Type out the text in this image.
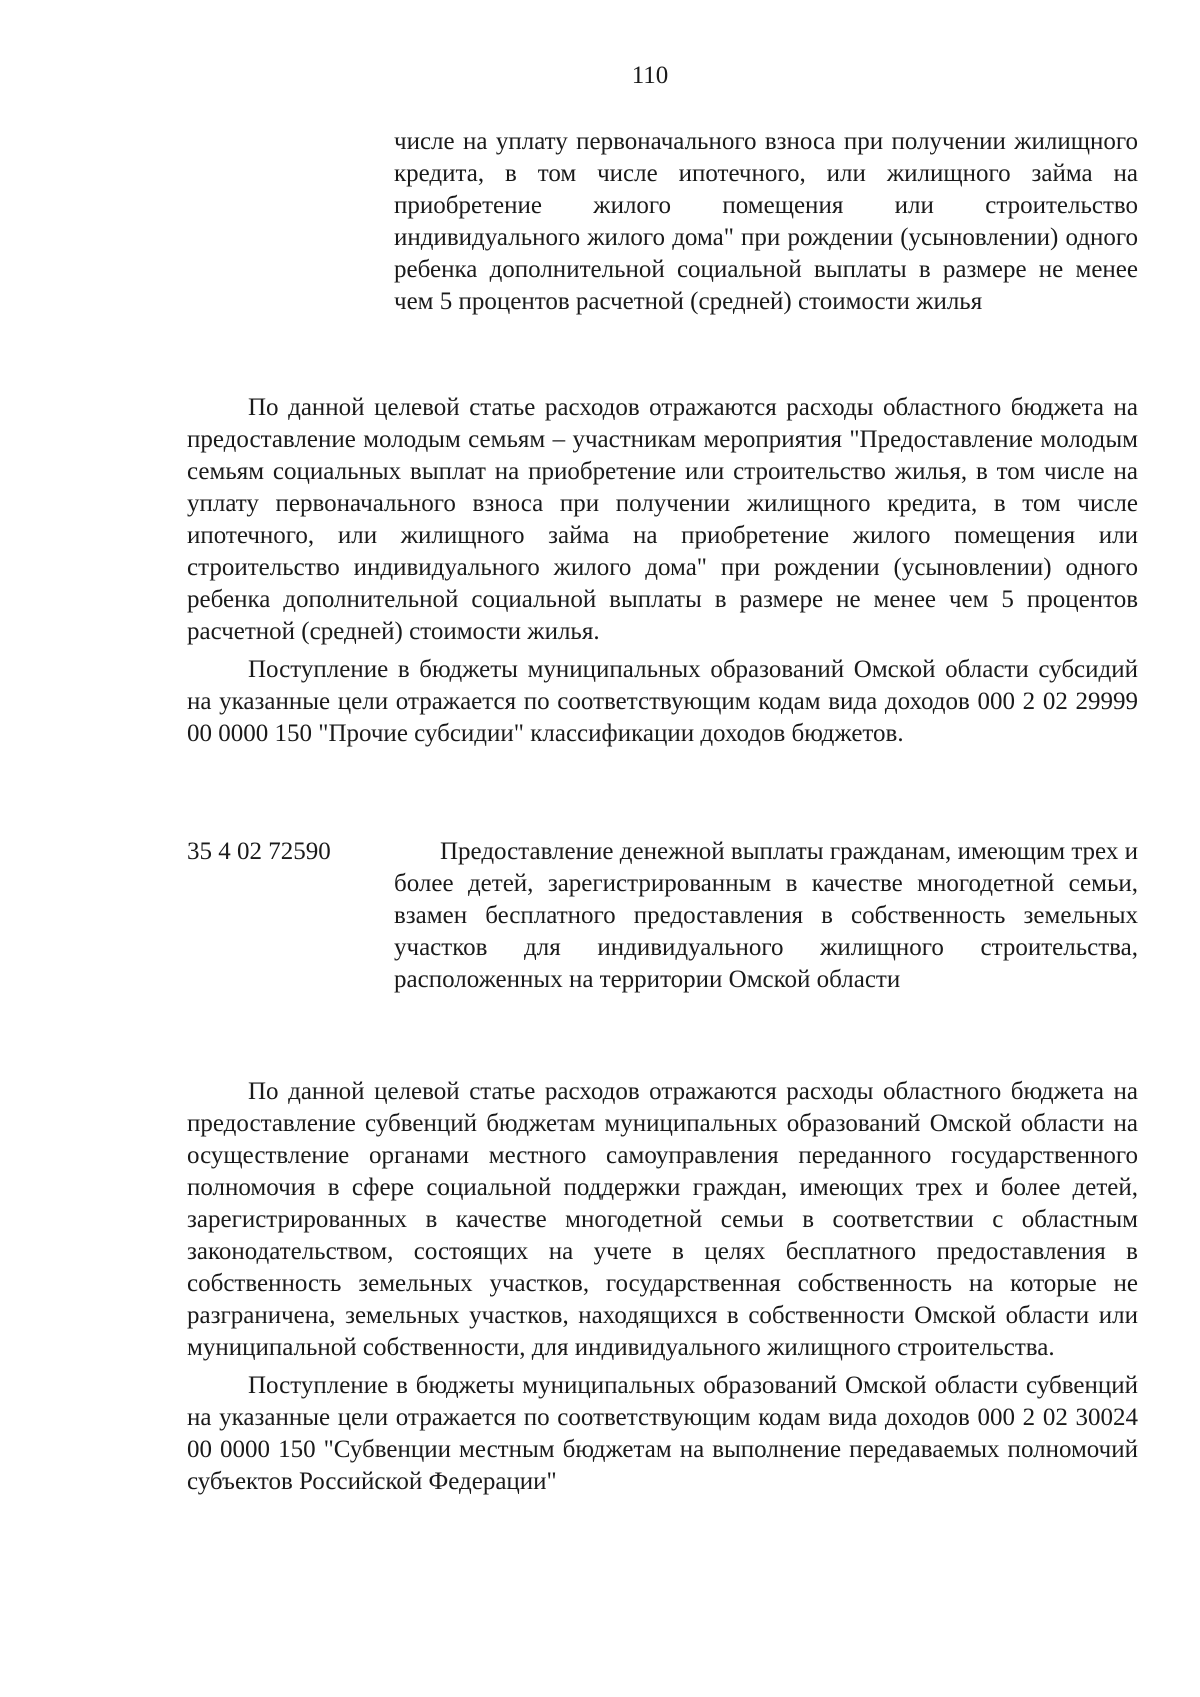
110

числе на уплату первоначального взноса при получении жилищного кредита, в том числе ипотечного, или жилищного займа на приобретение жилого помещения или строительство индивидуального жилого дома" при рождении (усыновлении) одного ребенка дополнительной социальной выплаты в размере не менее чем 5 процентов расчетной (средней) стоимости жилья

По данной целевой статье расходов отражаются расходы областного бюджета на предоставление молодым семьям – участникам мероприятия "Предоставление молодым семьям социальных выплат на приобретение или строительство жилья, в том числе на уплату первоначального взноса при получении жилищного кредита, в том числе ипотечного, или жилищного займа на приобретение жилого помещения или строительство индивидуального жилого дома" при рождении (усыновлении) одного ребенка дополнительной социальной выплаты в размере не менее чем 5 процентов расчетной (средней) стоимости жилья.

Поступление в бюджеты муниципальных образований Омской области субсидий на указанные цели отражается по соответствующим кодам вида доходов 000 2 02 29999 00 0000 150 "Прочие субсидии" классификации доходов бюджетов.

35 4 02 72590	Предоставление денежной выплаты гражданам, имеющим трех и более детей, зарегистрированным в качестве многодетной семьи, взамен бесплатного предоставления в собственность земельных участков для индивидуального жилищного строительства, расположенных на территории Омской области

По данной целевой статье расходов отражаются расходы областного бюджета на предоставление субвенций бюджетам муниципальных образований Омской области на осуществление органами местного самоуправления переданного государственного полномочия в сфере социальной поддержки граждан, имеющих трех и более детей, зарегистрированных в качестве многодетной семьи в соответствии с областным законодательством, состоящих на учете в целях бесплатного предоставления в собственность земельных участков, государственная собственность на которые не разграничена, земельных участков, находящихся в собственности Омской области или муниципальной собственности, для индивидуального жилищного строительства.

Поступление в бюджеты муниципальных образований Омской области субвенций на указанные цели отражается по соответствующим кодам вида доходов 000 2 02 30024 00 0000 150 "Субвенции местным бюджетам на выполнение передаваемых полномочий субъектов Российской Федерации"
